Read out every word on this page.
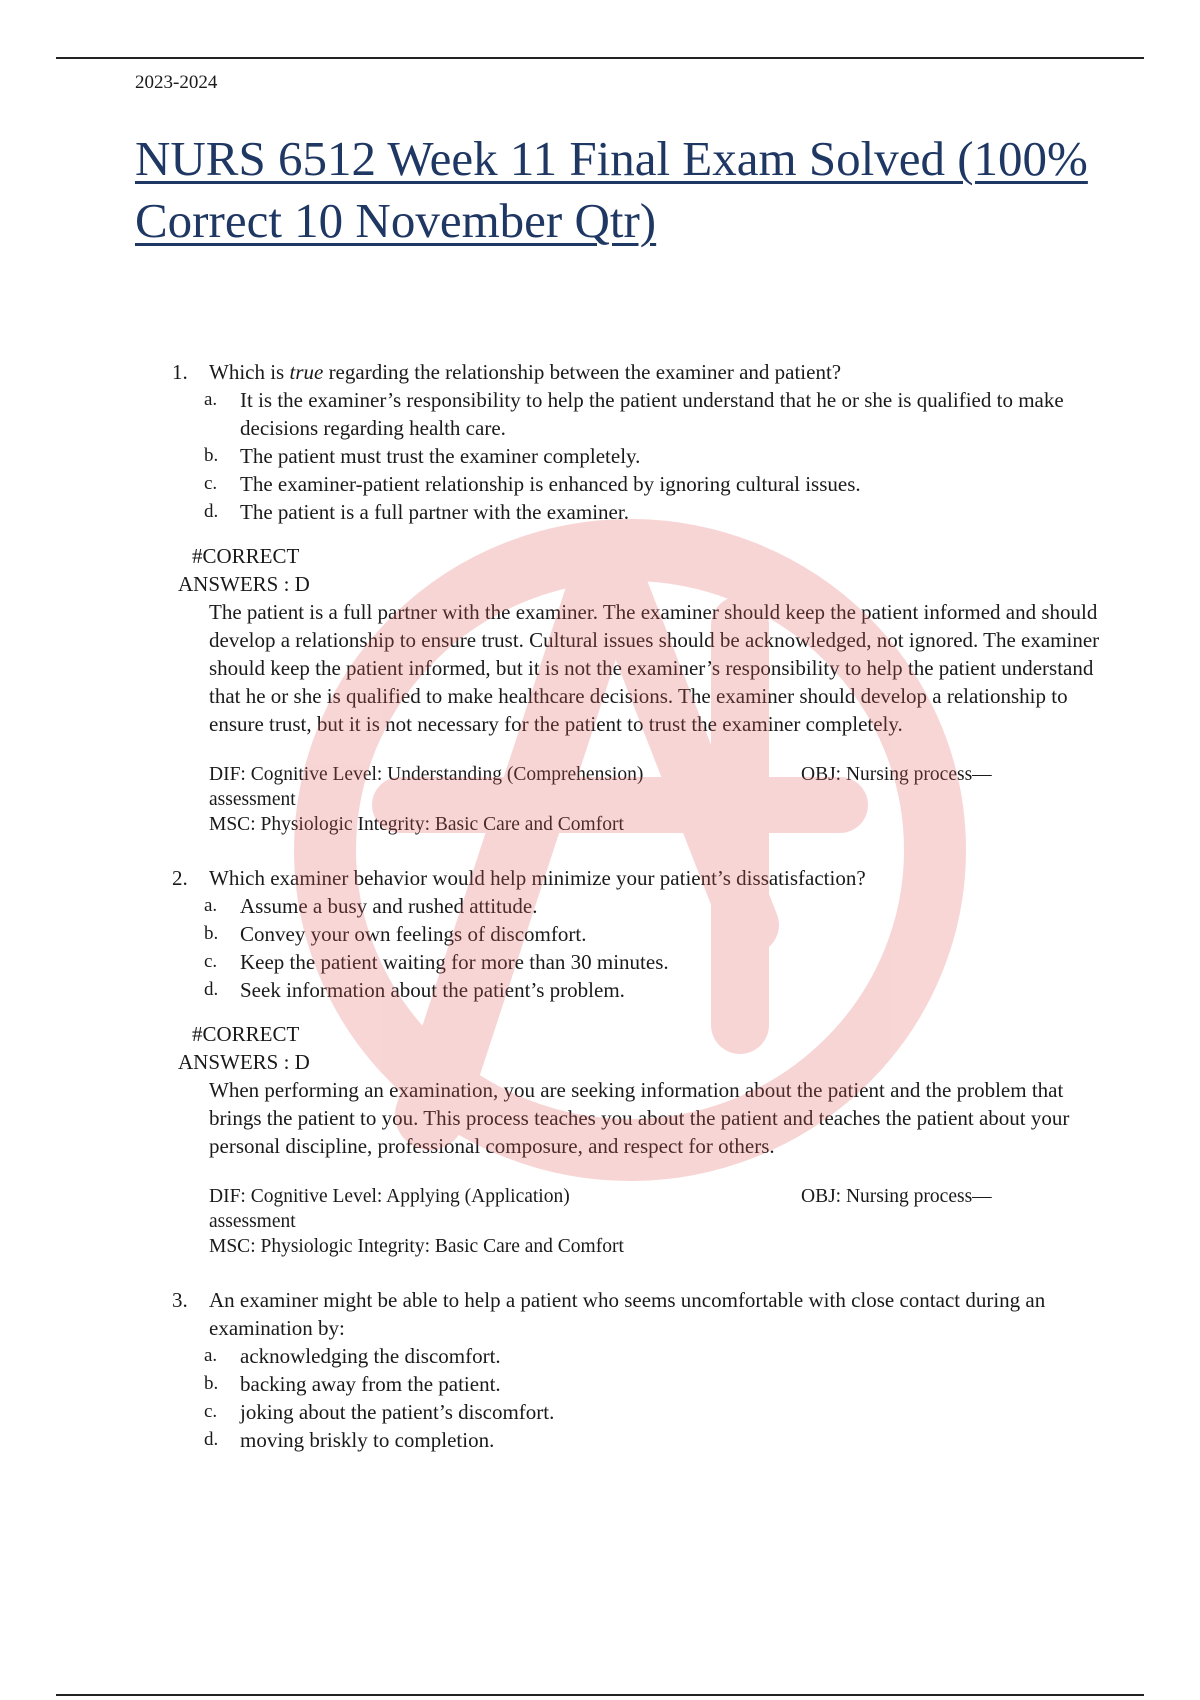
2023-2024
NURS 6512 Week 11 Final Exam Solved (100% Correct 10 November Qtr)
1. Which is true regarding the relationship between the examiner and patient?
a. It is the examiner’s responsibility to help the patient understand that he or she is qualified to make decisions regarding health care.
b. The patient must trust the examiner completely.
c. The examiner-patient relationship is enhanced by ignoring cultural issues.
d. The patient is a full partner with the examiner.
#CORRECT
ANSWERS : D
The patient is a full partner with the examiner. The examiner should keep the patient informed and should develop a relationship to ensure trust. Cultural issues should be acknowledged, not ignored. The examiner should keep the patient informed, but it is not the examiner’s responsibility to help the patient understand that he or she is qualified to make healthcare decisions. The examiner should develop a relationship to ensure trust, but it is not necessary for the patient to trust the examiner completely.
DIF: Cognitive Level: Understanding (Comprehension)	OBJ: Nursing process—
assessment
MSC: Physiologic Integrity: Basic Care and Comfort
2. Which examiner behavior would help minimize your patient’s dissatisfaction?
a. Assume a busy and rushed attitude.
b. Convey your own feelings of discomfort.
c. Keep the patient waiting for more than 30 minutes.
d. Seek information about the patient’s problem.
#CORRECT
ANSWERS : D
When performing an examination, you are seeking information about the patient and the problem that brings the patient to you. This process teaches you about the patient and teaches the patient about your personal discipline, professional composure, and respect for others.
DIF: Cognitive Level: Applying (Application)	OBJ: Nursing process—
assessment
MSC: Physiologic Integrity: Basic Care and Comfort
3. An examiner might be able to help a patient who seems uncomfortable with close contact during an examination by:
a. acknowledging the discomfort.
b. backing away from the patient.
c. joking about the patient’s discomfort.
d. moving briskly to completion.
